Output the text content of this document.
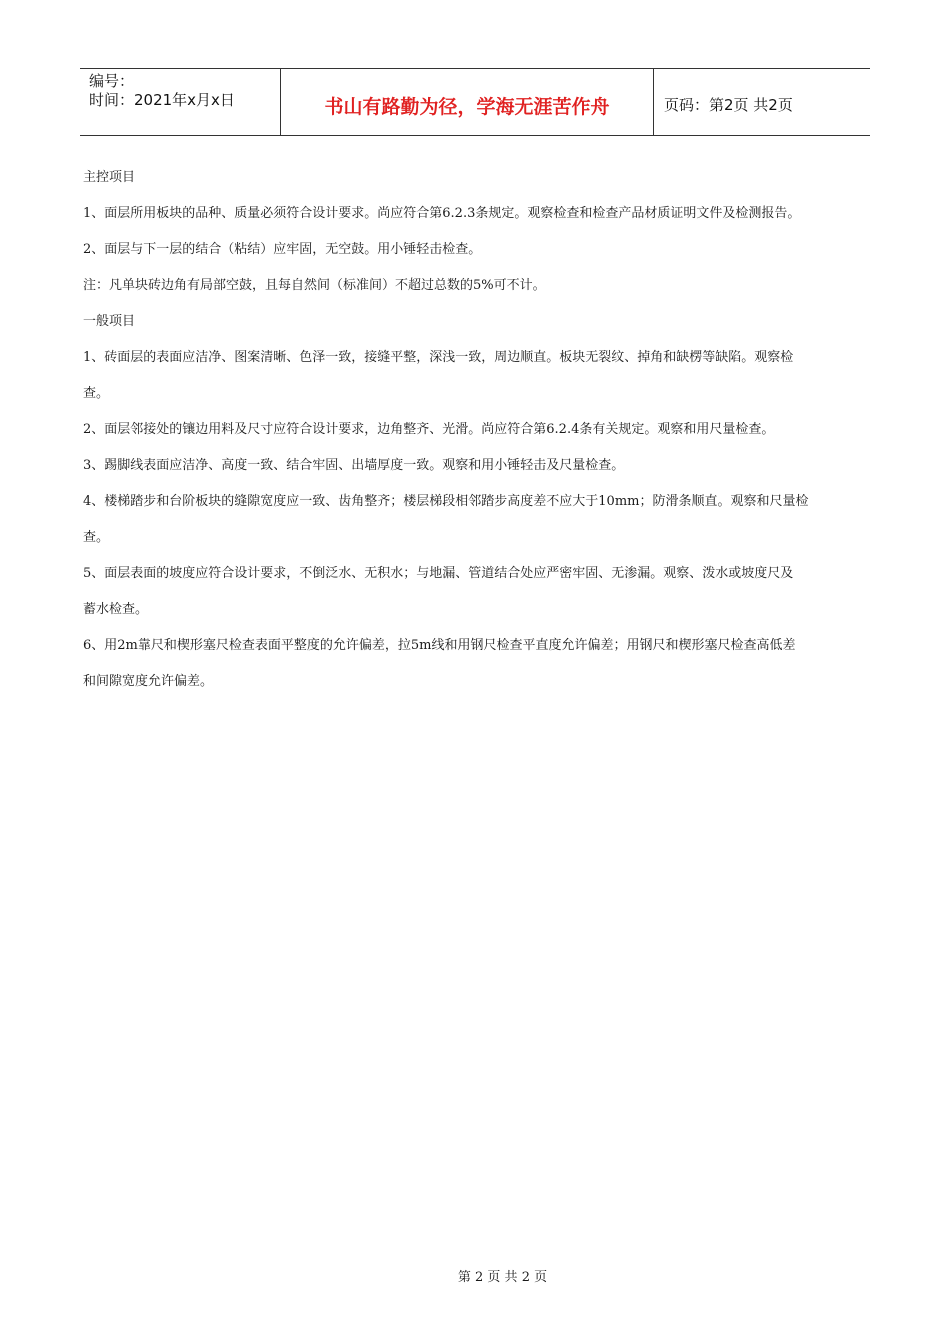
编号：
时间：2021年x月x日	书山有路勤为径，学海无涯苦作舟	页码：第2页 共2页

主控项目

1、面层所用板块的品种、质量必须符合设计要求。尚应符合第6.2.3条规定。观察检查和检查产品材质证明文件及检测报告。

2、面层与下一层的结合（粘结）应牢固，无空鼓。用小锤轻击检查。

注：凡单块砖边角有局部空鼓，且每自然间（标准间）不超过总数的5%可不计。

一般项目

1、砖面层的表面应洁净、图案清晰、色泽一致，接缝平整，深浅一致，周边顺直。板块无裂纹、掉角和缺楞等缺陷。观察检

查。

2、面层邻接处的镶边用料及尺寸应符合设计要求，边角整齐、光滑。尚应符合第6.2.4条有关规定。观察和用尺量检查。

3、踢脚线表面应洁净、高度一致、结合牢固、出墙厚度一致。观察和用小锤轻击及尺量检查。

4、楼梯踏步和台阶板块的缝隙宽度应一致、齿角整齐；楼层梯段相邻踏步高度差不应大于10mm；防滑条顺直。观察和尺量检

查。

5、面层表面的坡度应符合设计要求，不倒泛水、无积水；与地漏、管道结合处应严密牢固、无渗漏。观察、泼水或坡度尺及

蓄水检查。

6、用2m靠尺和楔形塞尺检查表面平整度的允许偏差，拉5m线和用钢尺检查平直度允许偏差；用钢尺和楔形塞尺检查高低差

和间隙宽度允许偏差。

第 2 页 共 2 页
